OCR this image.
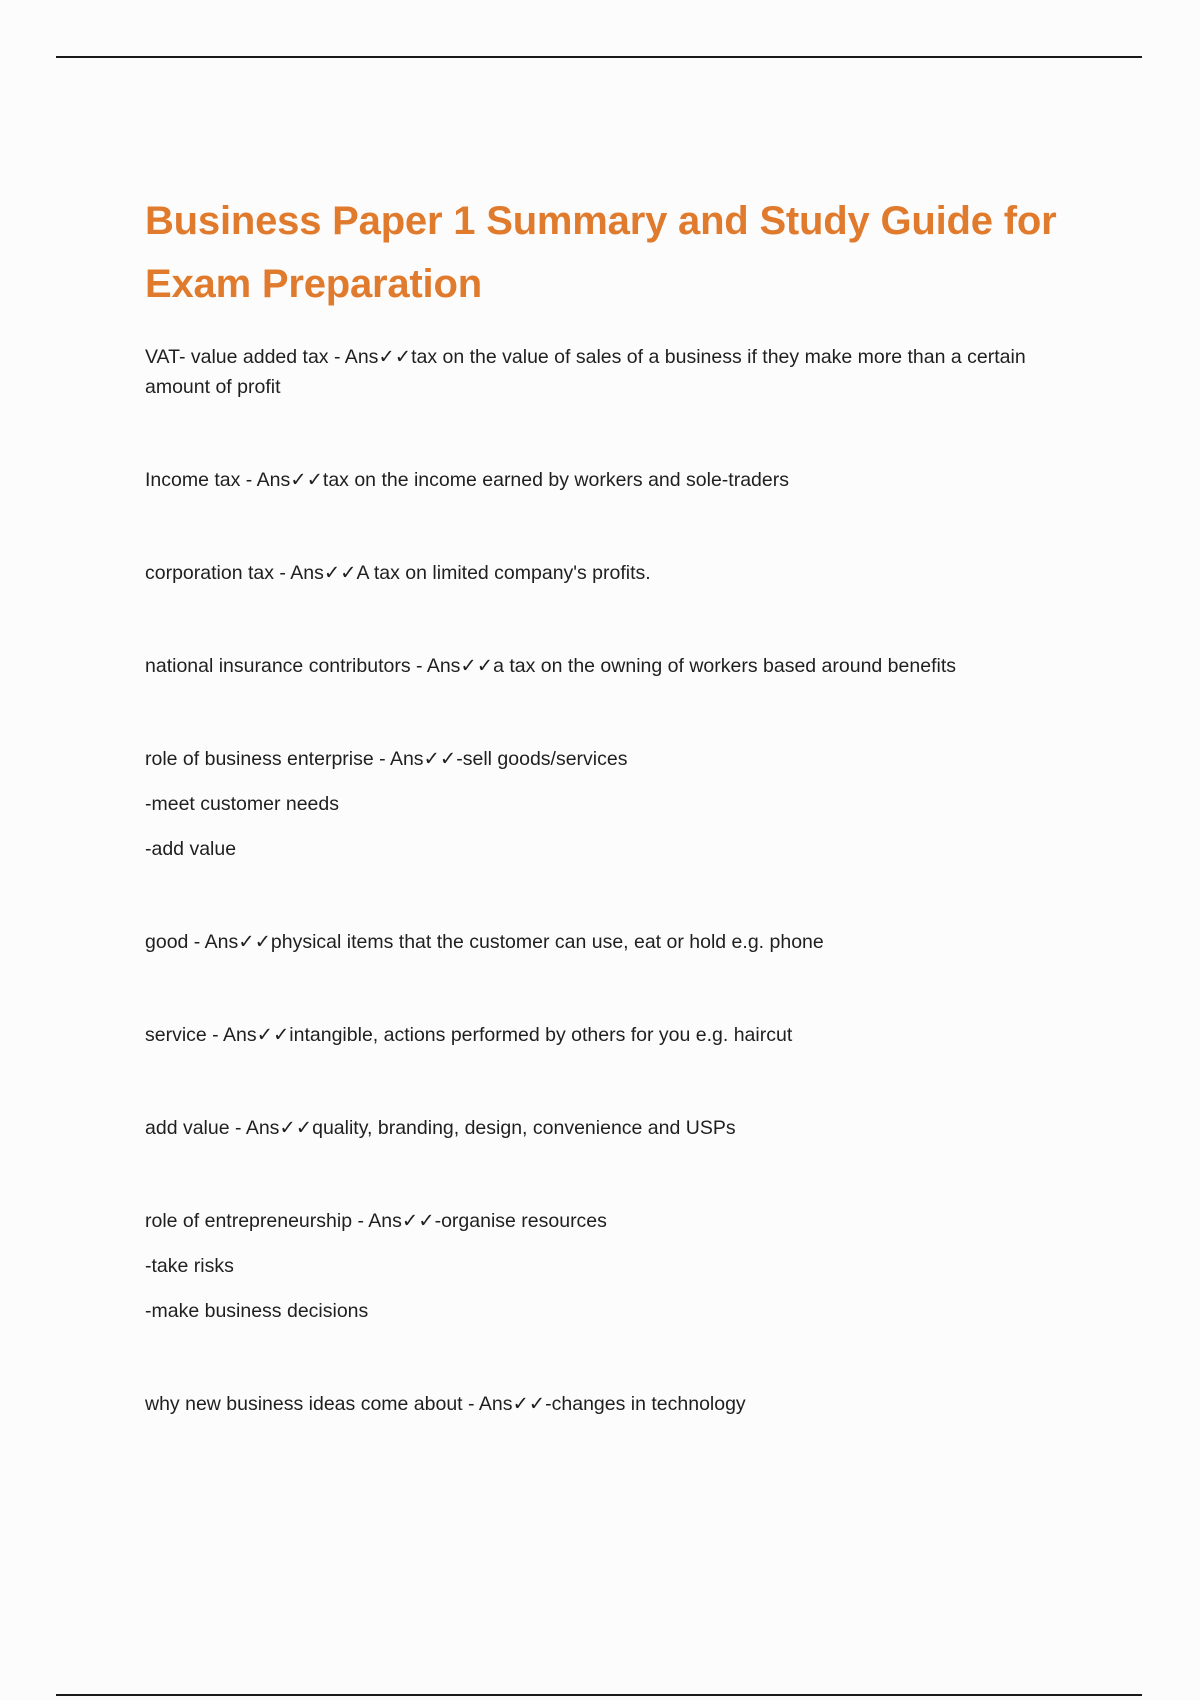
Business Paper 1 Summary and Study Guide for Exam Preparation
VAT- value added tax - Ans✓✓tax on the value of sales of a business if they make more than a certain amount of profit
Income tax - Ans✓✓tax on the income earned by workers and sole-traders
corporation tax - Ans✓✓A tax on limited company's profits.
national insurance contributors - Ans✓✓a tax on the owning of workers based around benefits
role of business enterprise - Ans✓✓-sell goods/services
-meet customer needs
-add value
good - Ans✓✓physical items that the customer can use, eat or hold e.g. phone
service - Ans✓✓intangible, actions performed by others for you e.g. haircut
add value - Ans✓✓quality, branding, design, convenience and USPs
role of entrepreneurship - Ans✓✓-organise resources
-take risks
-make business decisions
why new business ideas come about - Ans✓✓-changes in technology
